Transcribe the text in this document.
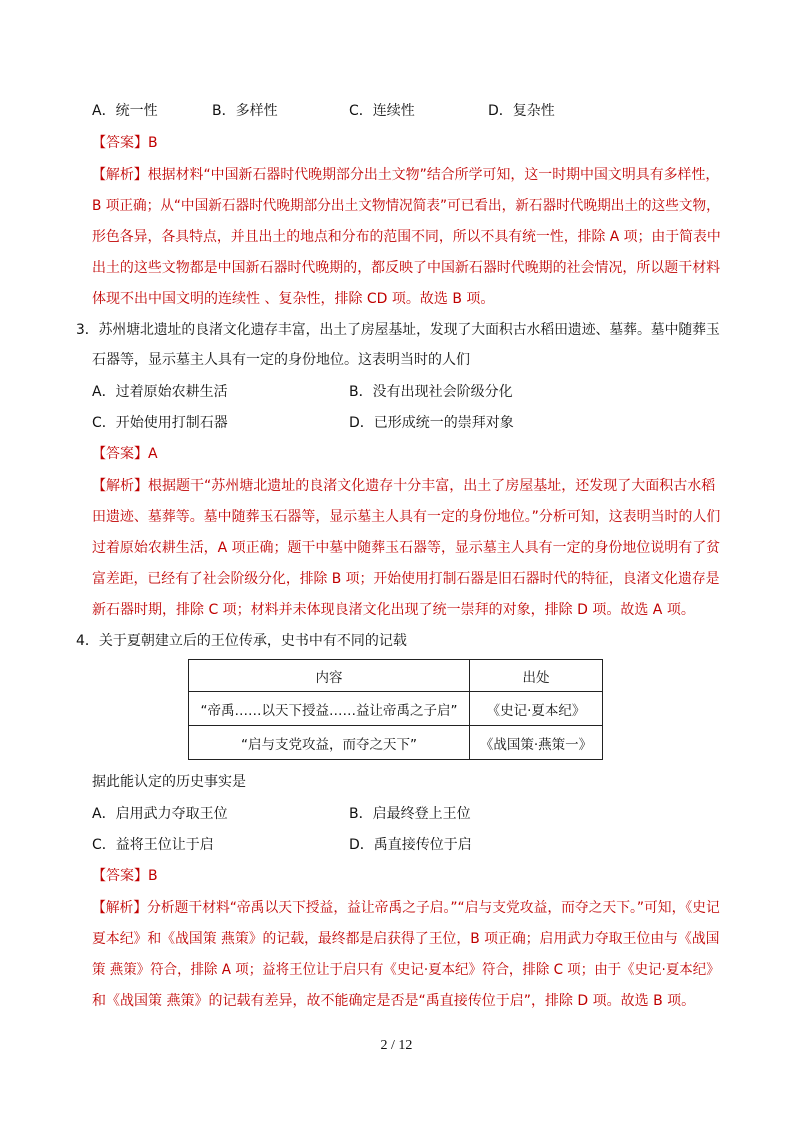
A．统一性	B．多样性	C．连续性	D．复杂性
【答案】B
【解析】根据材料“中国新石器时代晚期部分出土文物”结合所学可知，这一时期中国文明具有多样性，
B 项正确；从“中国新石器时代晚期部分出土文物情况简表”可已看出，新石器时代晚期出土的这些文物，
形色各异，各具特点，并且出土的地点和分布的范围不同，所以不具有统一性，排除 A 项；由于简表中
出土的这些文物都是中国新石器时代晚期的，都反映了中国新石器时代晚期的社会情况，所以题干材料
体现不出中国文明的连续性 、复杂性，排除 CD 项。故选 B 项。
3．苏州塘北遗址的良渚文化遗存丰富，出土了房屋基址，发现了大面积古水稻田遗迹、墓葬。墓中随葬玉
石器等，显示墓主人具有一定的身份地位。这表明当时的人们
A．过着原始农耕生活	B．没有出现社会阶级分化
C．开始使用打制石器	D．已形成统一的崇拜对象
【答案】A
【解析】根据题干“苏州塘北遗址的良渚文化遗存十分丰富，出土了房屋基址，还发现了大面积古水稻
田遗迹、墓葬等。墓中随葬玉石器等，显示墓主人具有一定的身份地位。”分析可知，这表明当时的人们
过着原始农耕生活，A 项正确；题干中墓中随葬玉石器等，显示墓主人具有一定的身份地位说明有了贫
富差距，已经有了社会阶级分化，排除 B 项；开始使用打制石器是旧石器时代的特征，良渚文化遗存是
新石器时期，排除 C 项；材料并未体现良渚文化出现了统一崇拜的对象，排除 D 项。故选 A 项。
4．关于夏朝建立后的王位传承，史书中有不同的记载
内容	出处
“帝禹……以天下授益……益让帝禹之子启”	《史记·夏本纪》
“启与支党攻益，而夺之天下”	《战国策·燕策一》
据此能认定的历史事实是
A．启用武力夺取王位	B．启最终登上王位
C．益将王位让于启	D．禹直接传位于启
【答案】B
【解析】分析题干材料“帝禹以天下授益，益让帝禹之子启。”“启与支党攻益，而夺之天下。”可知，《史记
夏本纪》和《战国策 燕策》的记载，最终都是启获得了王位，B 项正确；启用武力夺取王位由与《战国
策 燕策》符合，排除 A 项；益将王位让于启只有《史记·夏本纪》符合，排除 C 项；由于《史记·夏本纪》
和《战国策 燕策》的记载有差异，故不能确定是否是“禹直接传位于启”，排除 D 项。故选 B 项。
2 / 12
